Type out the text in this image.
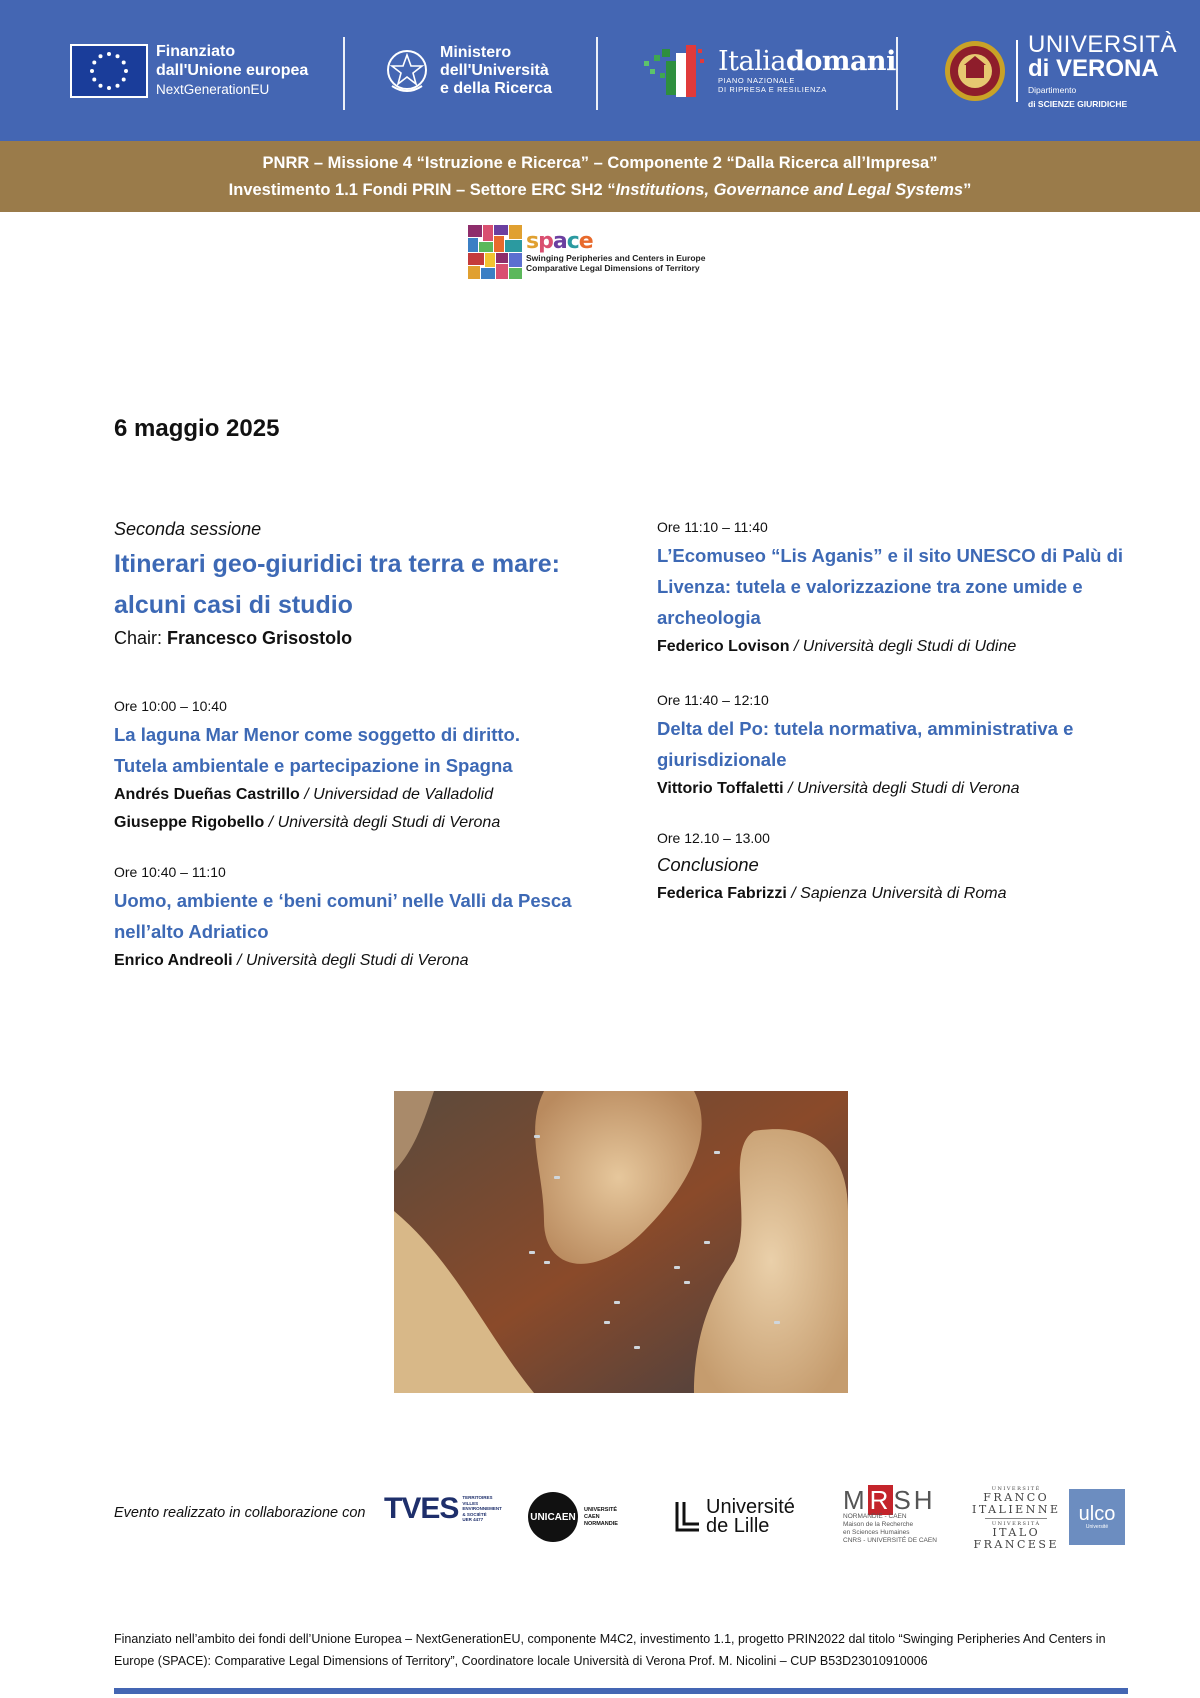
Finanziato
dall'Unione europea
NextGenerationEU
Ministero
dell'Università
e della Ricerca
Italiadomani
PIANO NAZIONALE
DI RIPRESA E RESILIENZA
UNIVERSITÀ
di VERONA
Dipartimento
di SCIENZE GIURIDICHE
PNRR – Missione 4 “Istruzione e Ricerca” – Componente 2 “Dalla Ricerca all’Impresa”
Investimento 1.1 Fondi PRIN – Settore ERC SH2 “Institutions, Governance and Legal Systems”
space
Swinging Peripheries and Centers in Europe
Comparative Legal Dimensions of Territory
6 maggio 2025
Seconda sessione
Itinerari geo-giuridici tra terra e mare:
alcuni casi di studio
Chair: Francesco Grisostolo
Ore 10:00 – 10:40
La laguna Mar Menor come soggetto di diritto.
Tutela ambientale e partecipazione in Spagna
Andrés Dueñas Castrillo / Universidad de Valladolid
Giuseppe Rigobello / Università degli Studi di Verona
Ore 10:40 – 11:10
Uomo, ambiente e ‘beni comuni’ nelle Valli da Pesca
nell’alto Adriatico
Enrico Andreoli / Università degli Studi di Verona
Ore 11:10 – 11:40
L’Ecomuseo “Lis Aganis” e il sito UNESCO di Palù di
Livenza: tutela e valorizzazione tra zone umide e
archeologia
Federico Lovison / Università degli Studi di Udine
Ore 11:40 – 12:10
Delta del Po: tutela normativa, amministrativa e
giurisdizionale
Vittorio Toffaletti / Università degli Studi di Verona
Ore 12.10 – 13.00
Conclusione
Federica Fabrizzi / Sapienza Università di Roma
Evento realizzato in collaborazione con TVES TERRITOIRES
VILLES
ENVIRONNEMENT
& SOCIÉTÉ
UER 4477	UNICAEN
UNIVERSITÉ
CAEN
NORMANDIE
Université
de Lille
MRSH
NORMANDIE - CAEN
Maison de la Recherche
en Sciences Humaines
CNRS - UNIVERSITÉ DE CAEN
UNIVERSITÉ
FRANCO
ITALIENNE
UNIVERSITÀ
ITALO
FRANCESE
ulco
Université
Finanziato nell’ambito dei fondi dell’Unione Europea – NextGenerationEU, componente M4C2, investimento 1.1, progetto PRIN2022 dal titolo “Swinging Peripheries And Centers in Europe (SPACE): Comparative Legal Dimensions of Territory”, Coordinatore locale Università di Verona Prof. M. Nicolini – CUP B53D23010910006
